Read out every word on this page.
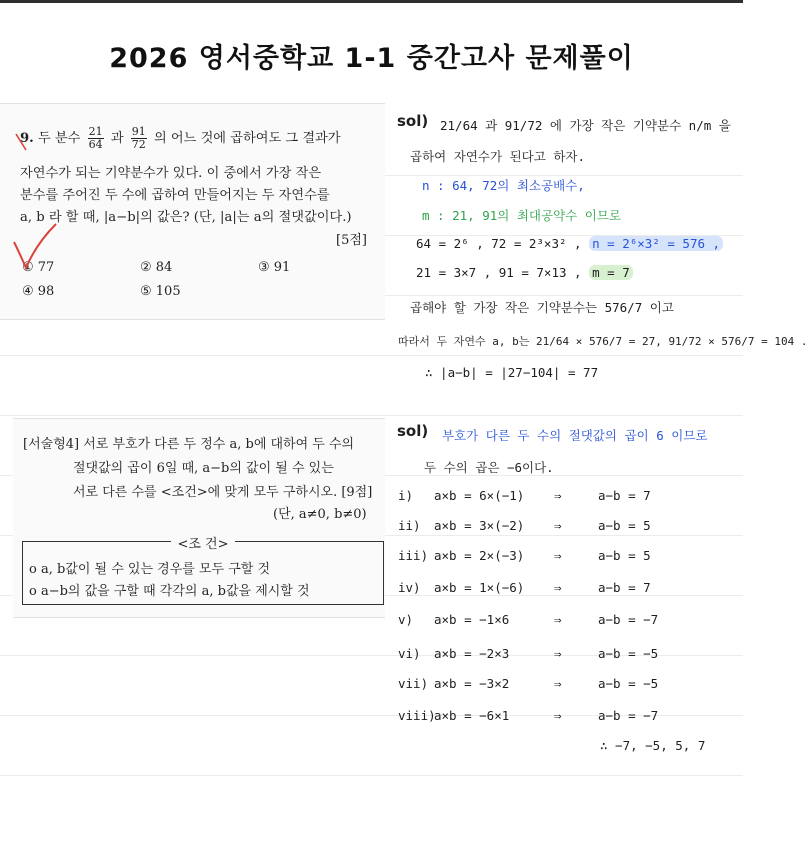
2026 영서중학교 1-1 중간고사 문제풀이
9. 두 분수 $\frac{21}{64}$ 과 $\frac{91}{72}$ 의 어느 것에 곱하여도 그 결과가
자연수가 되는 기약분수가 있다. 이 중에서 가장 작은
분수를 주어진 두 수에 곱하여 만들어지는 두 자연수를
a, b 라 할 때, |a−b|의 값은? (단, |a|는 a의 절댓값이다.)
[5점]
① 77	② 84	③ 91
④ 98	⑤ 105
sol) 21/64 과 91/72 에 가장 작은 기약분수 n/m 을
곱하여 자연수가 된다고 하자.
n : 64, 72의 최소공배수,
m : 21, 91의 최대공약수 이므로
64 = 2⁶ , 72 = 2³×3² , n = 2⁶×3² = 576 ,
21 = 3×7 , 91 = 7×13 , m = 7
곱해야 할 가장 작은 기약분수는 576/7 이고
따라서 두 자연수 a, b는 21/64 × 576/7 = 27, 91/72 × 576/7 = 104 .
∴ |a−b| = |27−104| = 77
[서술형4] 서로 부호가 다른 두 정수 a, b에 대하여 두 수의
절댓값의 곱이 6일 때, a−b의 값이 될 수 있는
서로 다른 수를 <조건>에 맞게 모두 구하시오. [9점]
(단, a≠0, b≠0)
<조 건>
o a, b값이 될 수 있는 경우를 모두 구할 것
o a−b의 값을 구할 때 각각의 a, b값을 제시할 것
sol) 부호가 다른 두 수의 절댓값의 곱이 6 이므로
두 수의 곱은 −6이다.
i) a×b = 6×(−1) ⇒	a−b = 7
ii) a×b = 3×(−2) ⇒	a−b = 5
iii) a×b = 2×(−3) ⇒	a−b = 5
iv) a×b = 1×(−6) ⇒	a−b = 7
v) a×b = −1×6	⇒	a−b = −7
vi) a×b = −2×3	⇒	a−b = −5
vii) a×b = −3×2	⇒	a−b = −5
viii)a×b = −6×1	⇒	a−b = −7
∴ −7, −5, 5, 7
